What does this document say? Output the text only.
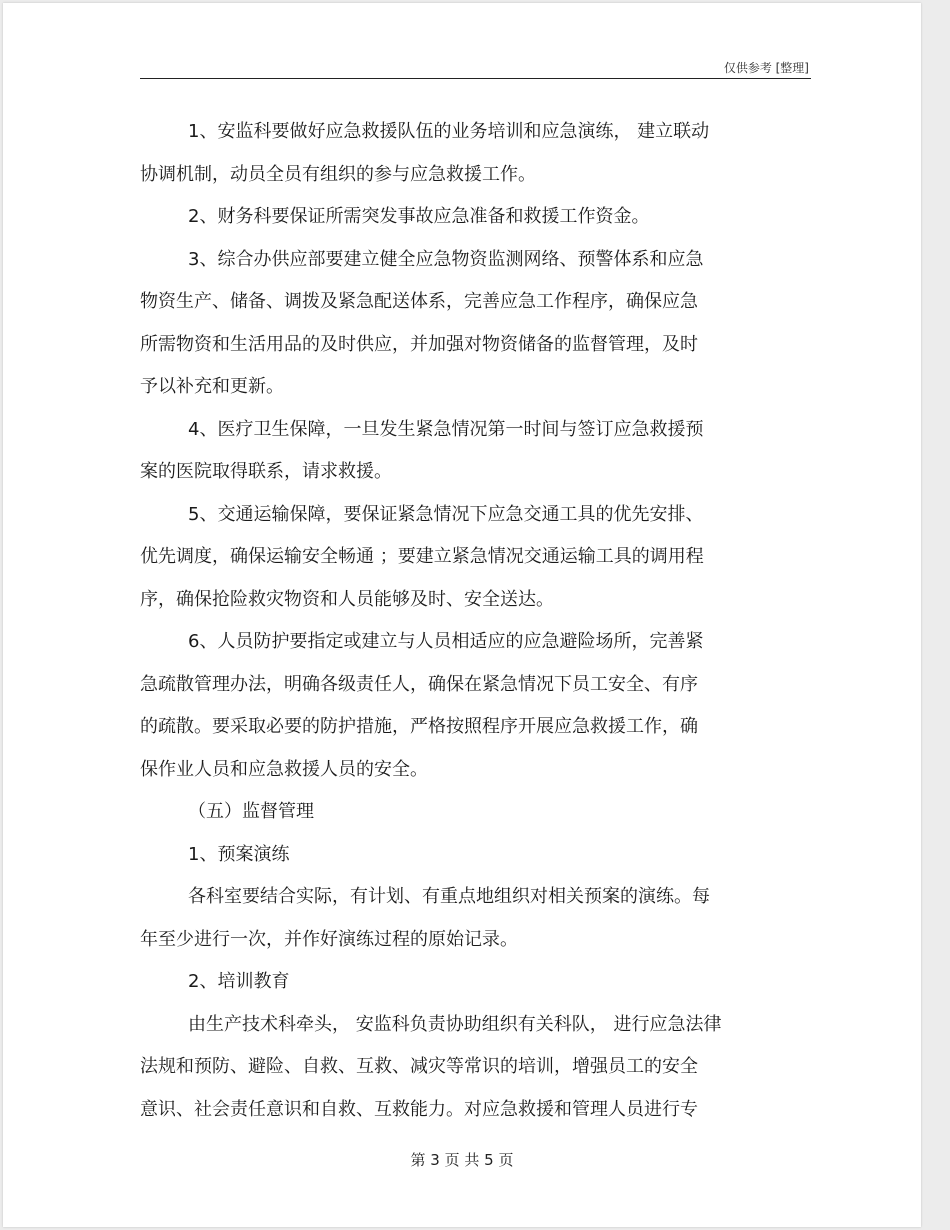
仅供参考 [整理]
1、安监科要做好应急救援队伍的业务培训和应急演练， 建立联动
协调机制，动员全员有组织的参与应急救援工作。
2、财务科要保证所需突发事故应急准备和救援工作资金。
3、综合办供应部要建立健全应急物资监测网络、预警体系和应急
物资生产、储备、调拨及紧急配送体系，完善应急工作程序，确保应急
所需物资和生活用品的及时供应，并加强对物资储备的监督管理，及时
予以补充和更新。
4、医疗卫生保障，一旦发生紧急情况第一时间与签订应急救援预
案的医院取得联系，请求救援。
5、交通运输保障，要保证紧急情况下应急交通工具的优先安排、
优先调度，确保运输安全畅通 ；要建立紧急情况交通运输工具的调用程
序，确保抢险救灾物资和人员能够及时、安全送达。
6、人员防护要指定或建立与人员相适应的应急避险场所，完善紧
急疏散管理办法，明确各级责任人，确保在紧急情况下员工安全、有序
的疏散。要采取必要的防护措施，严格按照程序开展应急救援工作，确
保作业人员和应急救援人员的安全。
（五）监督管理
1、预案演练
各科室要结合实际，有计划、有重点地组织对相关预案的演练。每
年至少进行一次，并作好演练过程的原始记录。
2、培训教育
由生产技术科牵头， 安监科负责协助组织有关科队， 进行应急法律
法规和预防、避险、自救、互救、减灾等常识的培训，增强员工的安全
意识、社会责任意识和自救、互救能力。对应急救援和管理人员进行专
第 3 页 共 5 页
